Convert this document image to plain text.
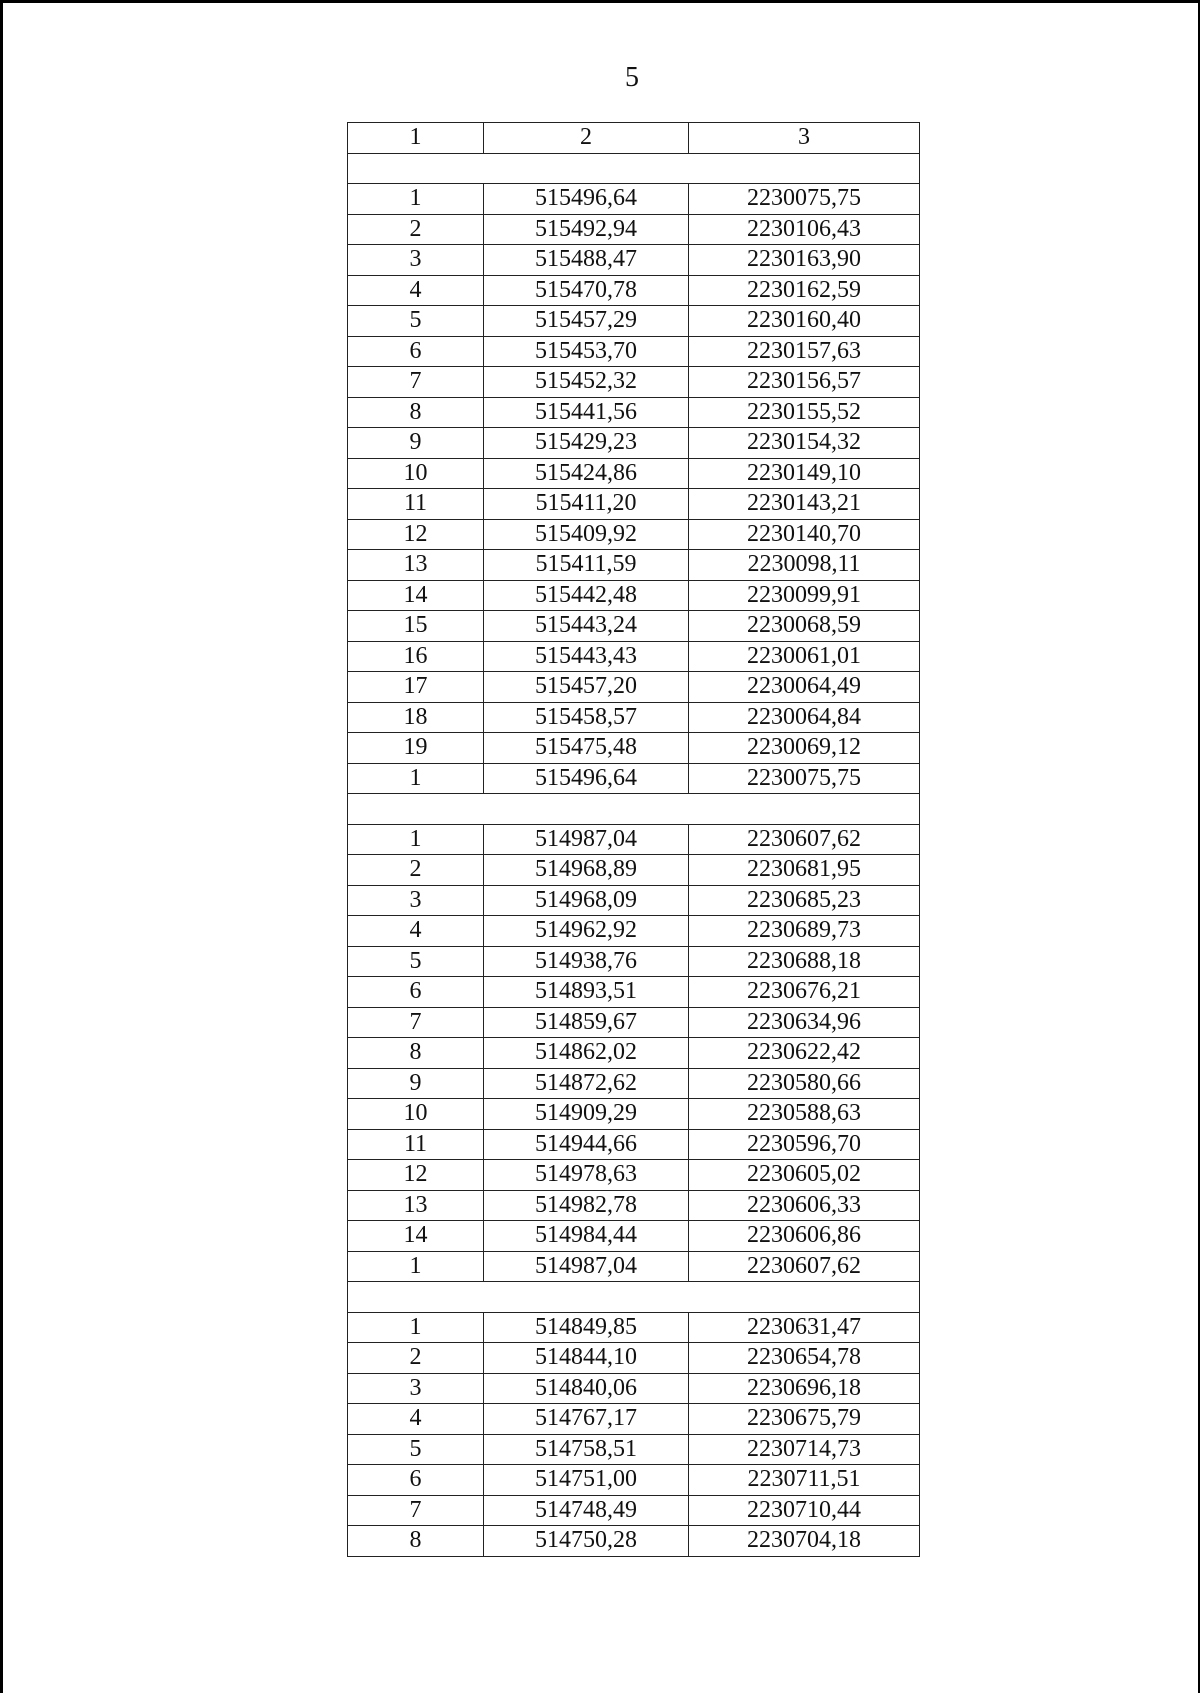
5
1	2	3

1	515496,64	2230075,75
2	515492,94	2230106,43
3	515488,47	2230163,90
4	515470,78	2230162,59
5	515457,29	2230160,40
6	515453,70	2230157,63
7	515452,32	2230156,57
8	515441,56	2230155,52
9	515429,23	2230154,32
10	515424,86	2230149,10
11	515411,20	2230143,21
12	515409,92	2230140,70
13	515411,59	2230098,11
14	515442,48	2230099,91
15	515443,24	2230068,59
16	515443,43	2230061,01
17	515457,20	2230064,49
18	515458,57	2230064,84
19	515475,48	2230069,12
1	515496,64	2230075,75

1	514987,04	2230607,62
2	514968,89	2230681,95
3	514968,09	2230685,23
4	514962,92	2230689,73
5	514938,76	2230688,18
6	514893,51	2230676,21
7	514859,67	2230634,96
8	514862,02	2230622,42
9	514872,62	2230580,66
10	514909,29	2230588,63
11	514944,66	2230596,70
12	514978,63	2230605,02
13	514982,78	2230606,33
14	514984,44	2230606,86
1	514987,04	2230607,62

1	514849,85	2230631,47
2	514844,10	2230654,78
3	514840,06	2230696,18
4	514767,17	2230675,79
5	514758,51	2230714,73
6	514751,00	2230711,51
7	514748,49	2230710,44
8	514750,28	2230704,18
